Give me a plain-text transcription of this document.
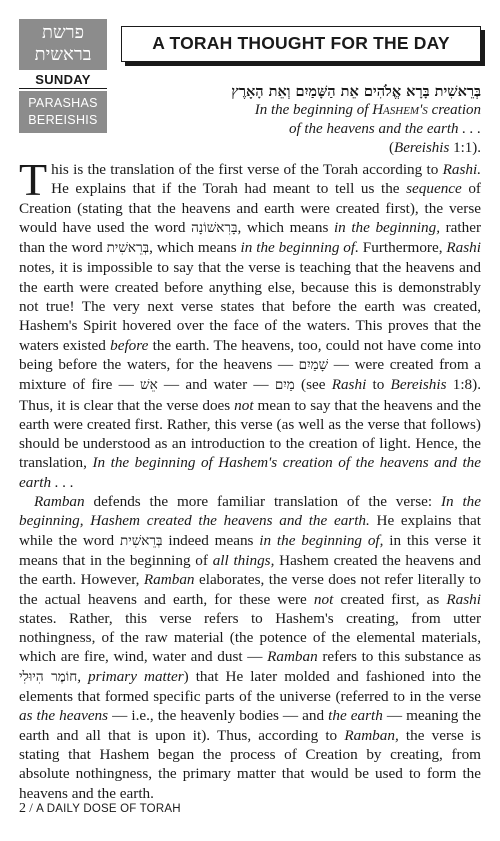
פרשת
בראשית
SUNDAY
PARASHAS
BEREISHIS
A TORAH THOUGHT FOR THE DAY
בְּרֵאשִׁית בָּרָא אֱלֹהִים אֵת הַשָּׁמַיִם וְאֵת הָאָרֶץ
In the beginning of Hashem's creation
of the heavens and the earth . . .
(Bereishis 1:1).

This is the translation of the first verse of the Torah according to Rashi. He explains that if the Torah had meant to tell us the sequence of Creation (stating that the heavens and earth were created first), the verse would have used the word בָּרִאשׁוֹנָה, which means in the beginning, rather than the word בְּרֵאשִׁית, which means in the beginning of. Furthermore, Rashi notes, it is impossible to say that the verse is teaching that the heavens and the earth were created before anything else, because this is demonstrably not true! The very next verse states that before the earth was created, Hashem's Spirit hovered over the face of the waters. This proves that the waters existed before the earth. The heavens, too, could not have come into being before the waters, for the heavens — שָׁמַיִם — were created from a mixture of fire — אֵשׁ — and water — מַיִם (see Rashi to Bereishis 1:8). Thus, it is clear that the verse does not mean to say that the heavens and the earth were created first. Rather, this verse (as well as the verse that follows) should be understood as an introduction to the creation of light. Hence, the translation, In the beginning of Hashem's creation of the heavens and the earth . . .

Ramban defends the more familiar translation of the verse: In the beginning, Hashem created the heavens and the earth. He explains that while the word בְּרֵאשִׁית indeed means in the beginning of, in this verse it means that in the beginning of all things, Hashem created the heavens and the earth. However, Ramban elaborates, the verse does not refer literally to the actual heavens and earth, for these were not created first, as Rashi states. Rather, this verse refers to Hashem's creating, from utter nothingness, of the raw material (the potence of the elemental materials, which are fire, wind, water and dust — Ramban refers to this substance as חוֹמֶר הִיוּלִי, primary matter) that He later molded and fashioned into the elements that formed specific parts of the universe (referred to in the verse as the heavens — i.e., the heavenly bodies — and the earth — meaning the earth and all that is upon it). Thus, according to Ramban, the verse is stating that Hashem began the process of Creation by creating, from absolute nothingness, the primary matter that would be used to form the heavens and the earth.

2 / A DAILY DOSE OF TORAH
